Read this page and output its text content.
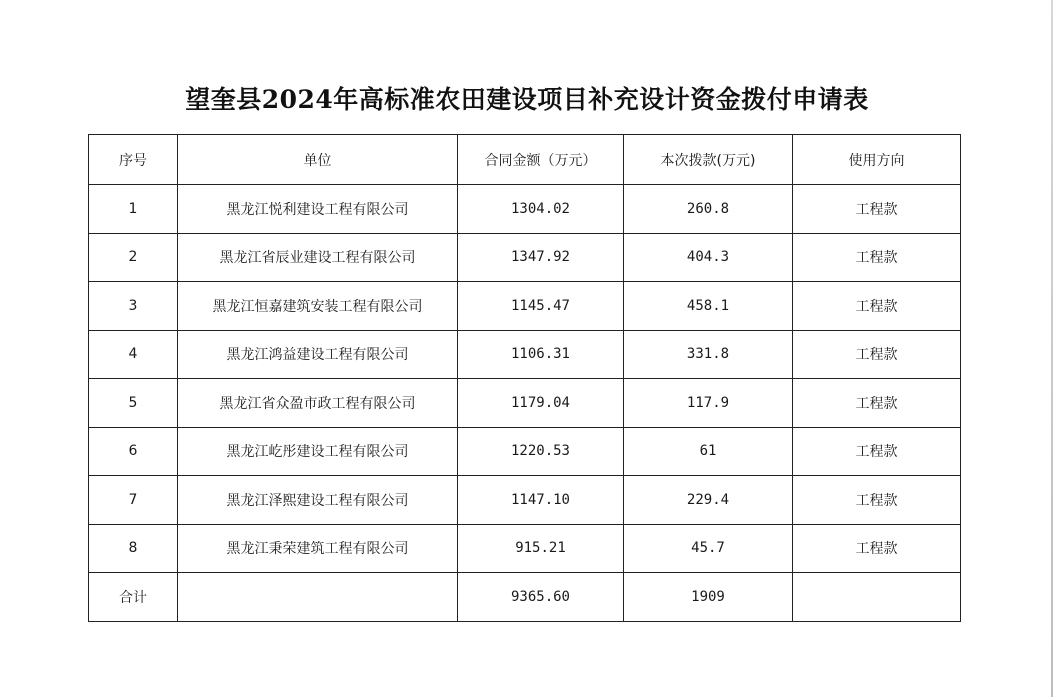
望奎县2024年高标准农田建设项目补充设计资金拨付申请表
序号	单位	合同金额（万元）	本次拨款(万元)	使用方向
1	黑龙江悦利建设工程有限公司	1304.02	260.8	工程款
2	黑龙江省辰业建设工程有限公司	1347.92	404.3	工程款
3	黑龙江恒嘉建筑安装工程有限公司	1145.47	458.1	工程款
4	黑龙江鸿益建设工程有限公司	1106.31	331.8	工程款
5	黑龙江省众盈市政工程有限公司	1179.04	117.9	工程款
6	黑龙江屹彤建设工程有限公司	1220.53	61	工程款
7	黑龙江泽熙建设工程有限公司	1147.10	229.4	工程款
8	黑龙江秉荣建筑工程有限公司	915.21	45.7	工程款
合计		9365.60	1909	
